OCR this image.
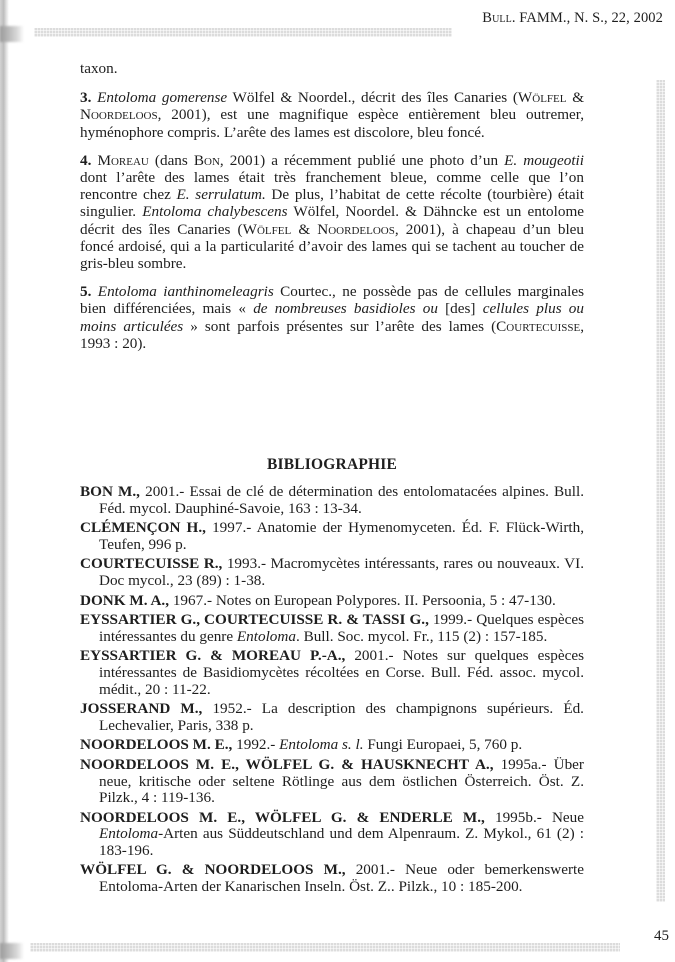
Bull. FAMM., N. S., 22, 2002

taxon.

3. Entoloma gomerense Wölfel & Noordel., décrit des îles Canaries (Wölfel & Noordeloos, 2001), est une magnifique espèce entièrement bleu outremer, hyménophore compris. L’arête des lames est discolore, bleu foncé.

4. Moreau (dans Bon, 2001) a récemment publié une photo d’un E. mougeotii dont l’arête des lames était très franchement bleue, comme celle que l’on rencontre chez E. serrulatum. De plus, l’habitat de cette récolte (tourbière) était singulier. Entoloma chalybescens Wölfel, Noordel. & Dähncke est un entolome décrit des îles Canaries (Wölfel & Noordeloos, 2001), à chapeau d’un bleu foncé ardoisé, qui a la particularité d’avoir des lames qui se tachent au toucher de gris-bleu sombre.

5. Entoloma ianthinomeleagris Courtec., ne possède pas de cellules marginales bien différenciées, mais « de nombreuses basidioles ou [des] cellules plus ou moins articulées » sont parfois présentes sur l’arête des lames (Courtecuisse, 1993 : 20).

BIBLIOGRAPHIE

BON M., 2001.- Essai de clé de détermination des entolomatacées alpines. Bull. Féd. mycol. Dauphiné-Savoie, 163 : 13-34.

CLÉMENÇON H., 1997.- Anatomie der Hymenomyceten. Éd. F. Flück-Wirth, Teufen, 996 p.

COURTECUISSE R., 1993.- Macromycètes intéressants, rares ou nouveaux. VI. Doc mycol., 23 (89) : 1-38.

DONK M. A., 1967.- Notes on European Polypores. II. Persoonia, 5 : 47-130.

EYSSARTIER G., COURTECUISSE R. & TASSI G., 1999.- Quelques espèces intéressantes du genre Entoloma. Bull. Soc. mycol. Fr., 115 (2) : 157-185.

EYSSARTIER G. & MOREAU P.-A., 2001.- Notes sur quelques espèces intéressantes de Basidiomycètes récoltées en Corse. Bull. Féd. assoc. mycol. médit., 20 : 11-22.

JOSSERAND M., 1952.- La description des champignons supérieurs. Éd. Lechevalier, Paris, 338 p.

NOORDELOOS M. E., 1992.- Entoloma s. l. Fungi Europaei, 5, 760 p.

NOORDELOOS M. E., WÖLFEL G. & HAUSKNECHT A., 1995a.- Über neue, kritische oder seltene Rötlinge aus dem östlichen Österreich. Öst. Z. Pilzk., 4 : 119-136.

NOORDELOOS M. E., WÖLFEL G. & ENDERLE M., 1995b.- Neue Entoloma-Arten aus Süddeutschland und dem Alpenraum. Z. Mykol., 61 (2) : 183-196.

WÖLFEL G. & NOORDELOOS M., 2001.- Neue oder bemerkenswerte Entoloma-Arten der Kanarischen Inseln. Öst. Z.. Pilzk., 10 : 185-200.

45
